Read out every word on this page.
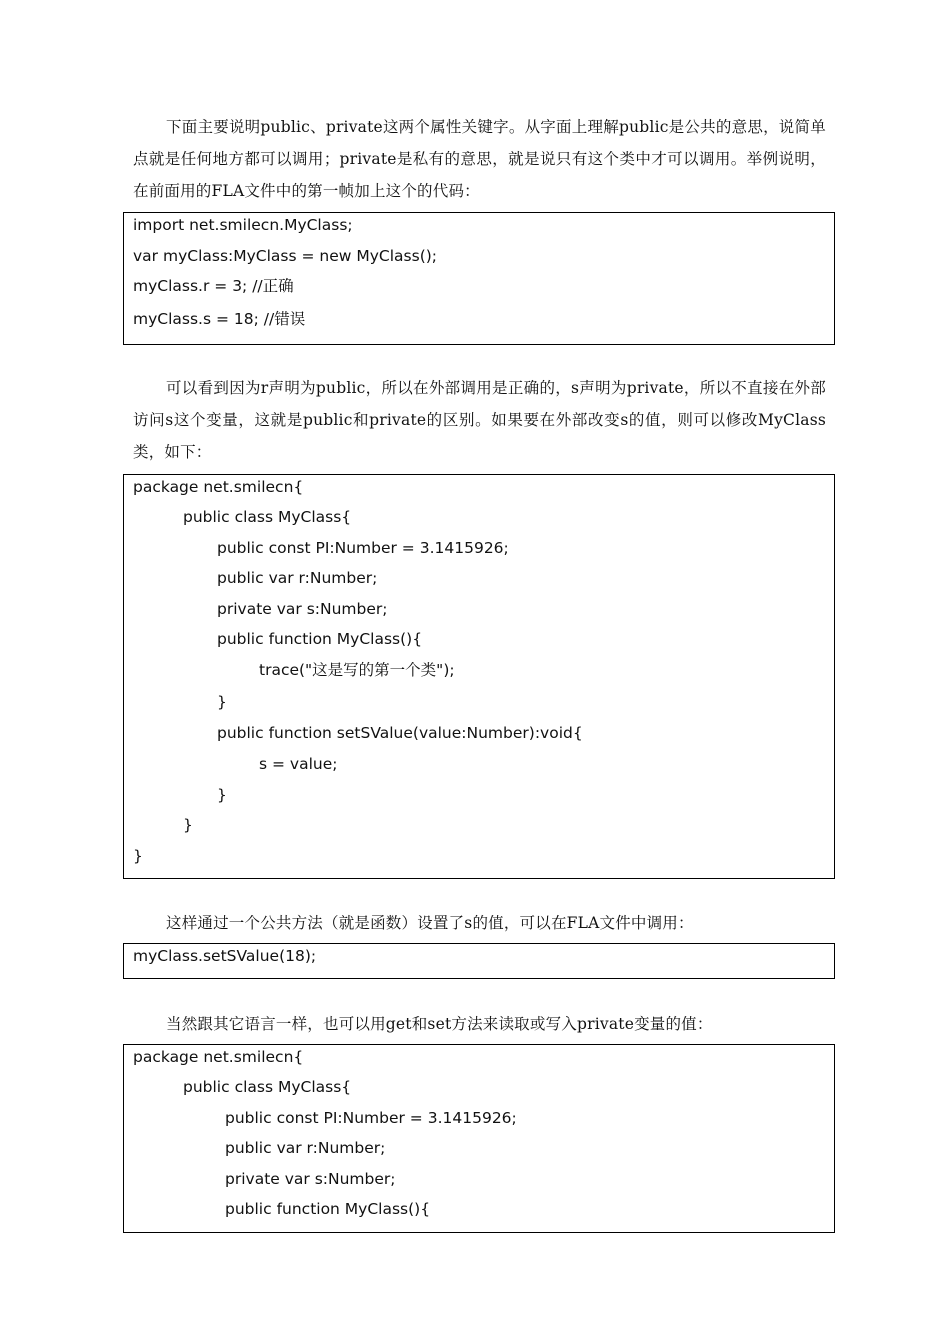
下面主要说明public、private这两个属性关键字。从字面上理解public是公共的意思，说简单点就是任何地方都可以调用；private是私有的意思，就是说只有这个类中才可以调用。举例说明，在前面用的FLA文件中的第一帧加上这个的代码：

import net.smilecn.MyClass;
var myClass:MyClass = new MyClass();
myClass.r = 3; //正确
myClass.s = 18; //错误

可以看到因为r声明为public，所以在外部调用是正确的，s声明为private，所以不直接在外部访问s这个变量，这就是public和private的区别。如果要在外部改变s的值，则可以修改MyClass类，如下：

package net.smilecn{
public class MyClass{
public const PI:Number = 3.1415926;
public var r:Number;
private var s:Number;
public function MyClass(){
trace("这是写的第一个类");
}
public function setSValue(value:Number):void{
s = value;
}
}
}

这样通过一个公共方法（就是函数）设置了s的值，可以在FLA文件中调用：

myClass.setSValue(18);

当然跟其它语言一样，也可以用get和set方法来读取或写入private变量的值：

package net.smilecn{
public class MyClass{
public const PI:Number = 3.1415926;
public var r:Number;
private var s:Number;
public function MyClass(){
